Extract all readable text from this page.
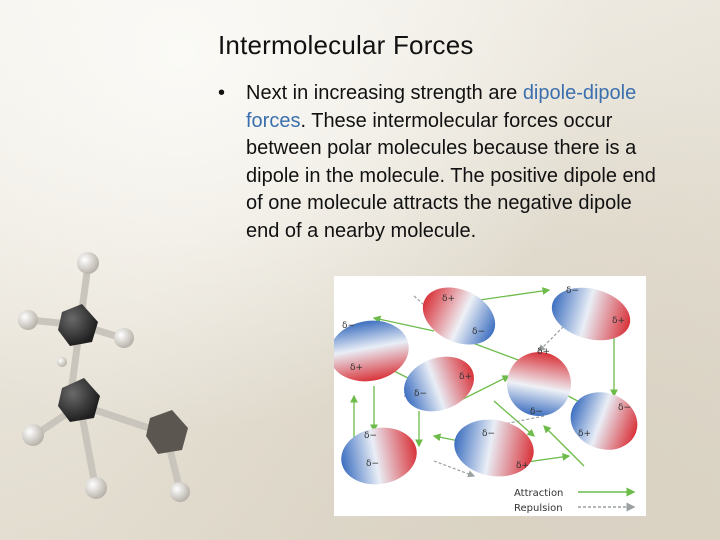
Intermolecular Forces
• Next in increasing strength are dipole-dipole forces. These intermolecular forces occur between polar molecules because there is a dipole in the molecule. The positive dipole end of one molecule attracts the negative dipole end of a nearby molecule.
δ+
δ−
δ−
δ+
δ−
δ+
δ−
δ+
δ+
δ−
δ+
δ−
δ−
δ−
δ−
δ+
Attraction
Repulsion
